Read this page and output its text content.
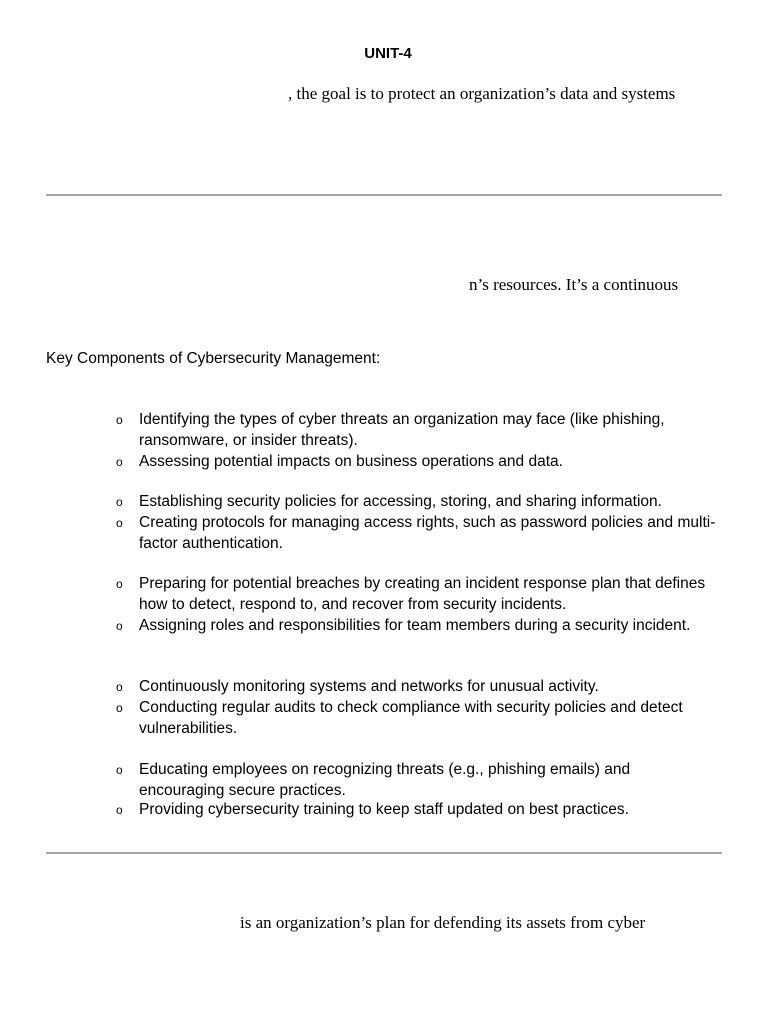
UNIT-4
, the goal is to protect an organization’s data and systems
n’s resources. It’s a continuous
Key Components of Cybersecurity Management:
o Identifying the types of cyber threats an organization may face (like phishing, ransomware, or insider threats).
o Assessing potential impacts on business operations and data.
o Establishing security policies for accessing, storing, and sharing information.
o Creating protocols for managing access rights, such as password policies and multi-factor authentication.
o Preparing for potential breaches by creating an incident response plan that defines how to detect, respond to, and recover from security incidents.
o Assigning roles and responsibilities for team members during a security incident.
o Continuously monitoring systems and networks for unusual activity.
o Conducting regular audits to check compliance with security policies and detect vulnerabilities.
o Educating employees on recognizing threats (e.g., phishing emails) and encouraging secure practices.
o Providing cybersecurity training to keep staff updated on best practices.
is an organization’s plan for defending its assets from cyber
